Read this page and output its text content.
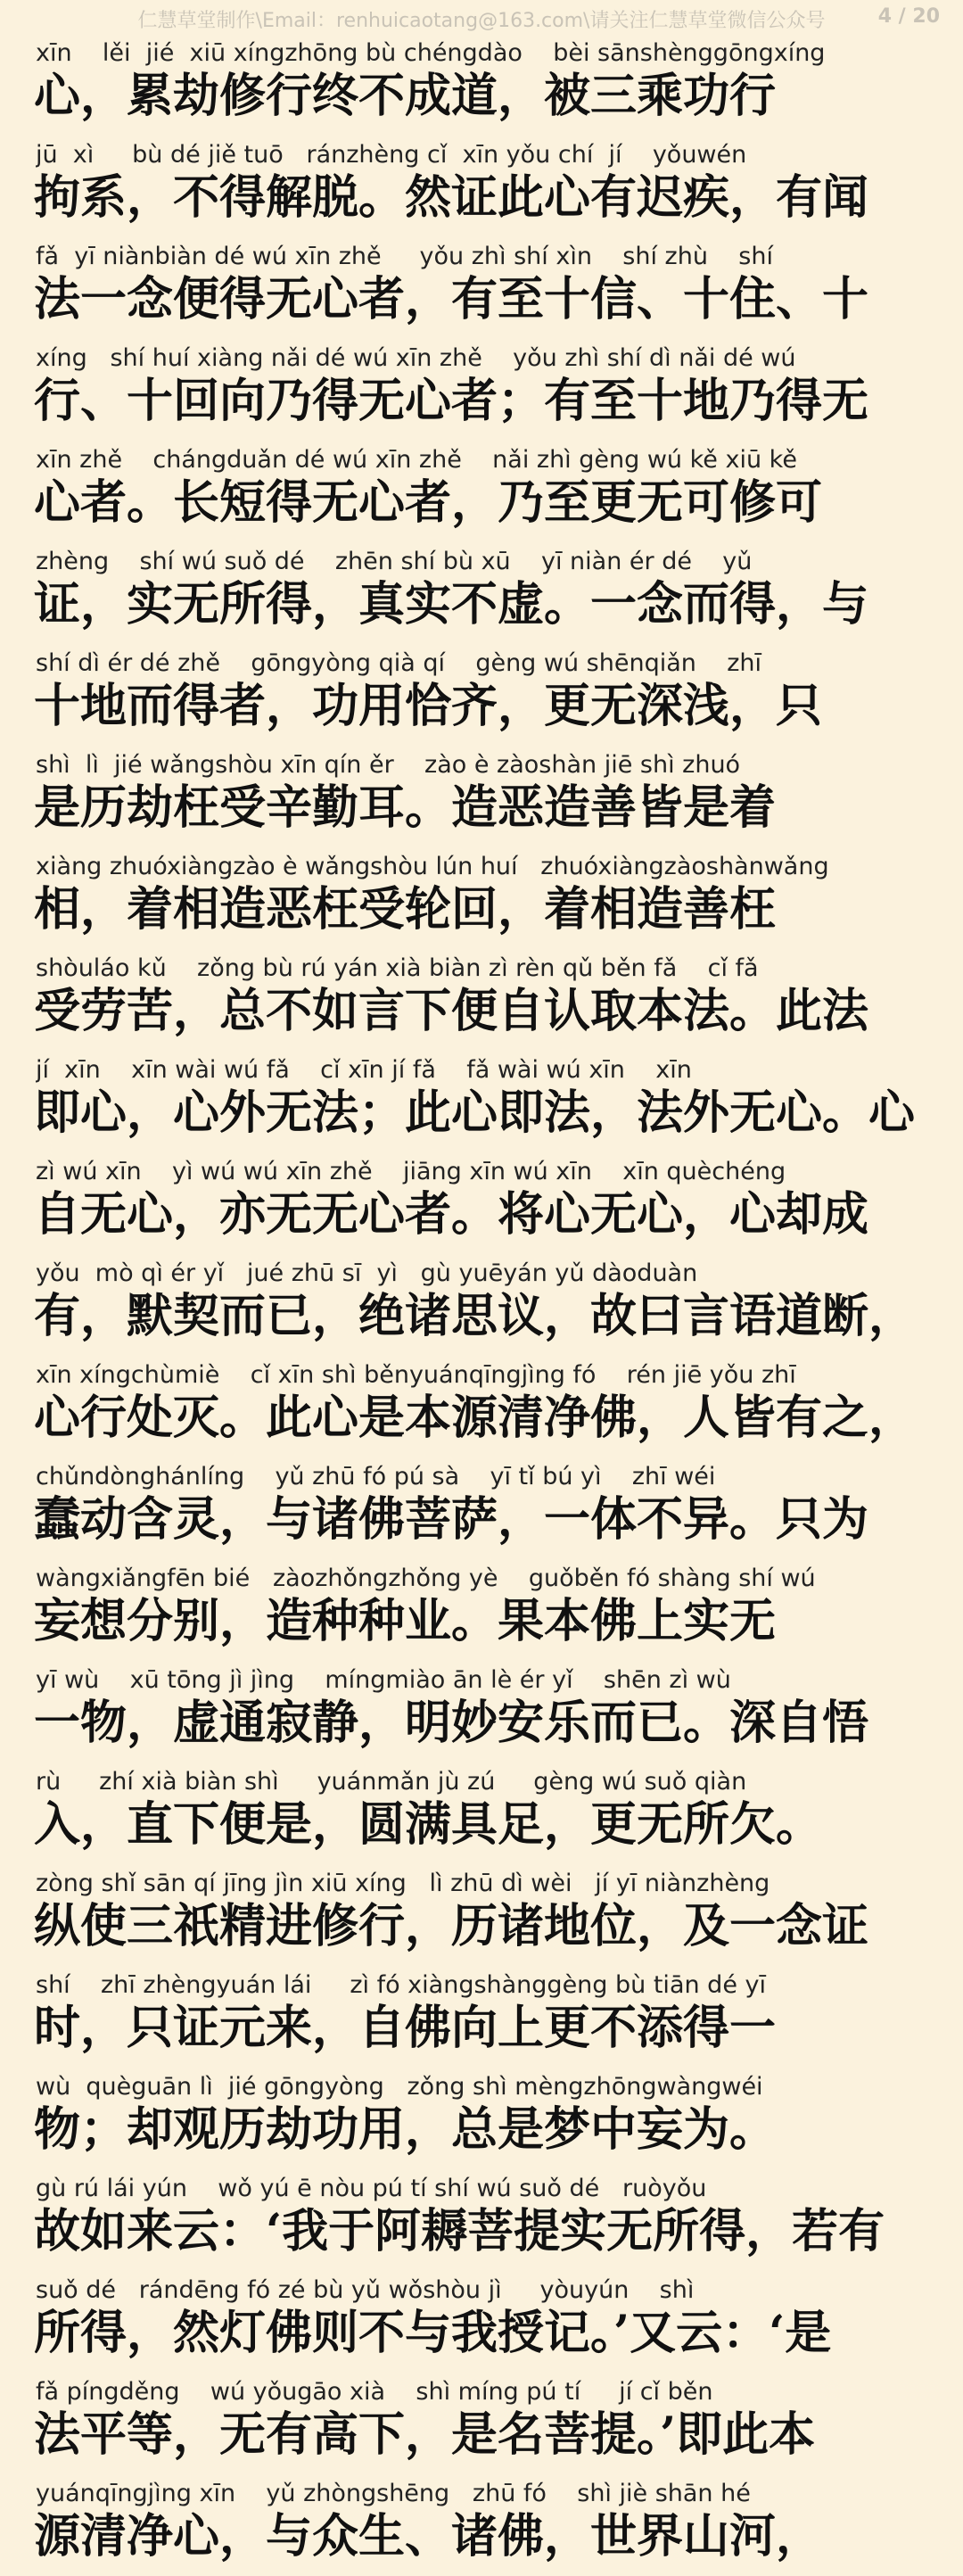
仁慧草堂制作\Email：renhuicaotang@163.com\请关注仁慧草堂微信公众号	4 / 20
xīn    lěi  jié  xiū xíngzhōng bù chéngdào    bèi sānshènggōngxíng
心，累劫修行终不成道，被三乘功行
jū  xì     bù dé jiě tuō   ránzhèng cǐ  xīn yǒu chí  jí    yǒuwén
拘系，不得解脱。然证此心有迟疾，有闻
fǎ  yī niànbiàn dé wú xīn zhě     yǒu zhì shí xìn    shí zhù    shí
法一念便得无心者，有至十信、十住、十
xíng   shí huí xiàng nǎi dé wú xīn zhě    yǒu zhì shí dì nǎi dé wú
行、十回向乃得无心者；有至十地乃得无
xīn zhě    chángduǎn dé wú xīn zhě    nǎi zhì gèng wú kě xiū kě
心者。长短得无心者，乃至更无可修可
zhèng    shí wú suǒ dé    zhēn shí bù xū    yī niàn ér dé    yǔ
证，实无所得，真实不虚。一念而得，与
shí dì ér dé zhě    gōngyòng qià qí    gèng wú shēnqiǎn    zhī
十地而得者，功用恰齐，更无深浅，只
shì  lì  jié wǎngshòu xīn qín ěr    zào è zàoshàn jiē shì zhuó
是历劫枉受辛勤耳。造恶造善皆是着
xiàng zhuóxiàngzào è wǎngshòu lún huí   zhuóxiàngzàoshànwǎng
相，着相造恶枉受轮回，着相造善枉
shòuláo kǔ    zǒng bù rú yán xià biàn zì rèn qǔ běn fǎ    cǐ fǎ
受劳苦，总不如言下便自认取本法。此法
jí  xīn    xīn wài wú fǎ    cǐ xīn jí fǎ    fǎ wài wú xīn    xīn
即心，心外无法；此心即法，法外无心。心
zì wú xīn    yì wú wú xīn zhě    jiāng xīn wú xīn    xīn quèchéng
自无心，亦无无心者。将心无心，心却成
yǒu  mò qì ér yǐ   jué zhū sī  yì   gù yuēyán yǔ dàoduàn
有，默契而已，绝诸思议，故曰言语道断，
xīn xíngchùmiè    cǐ xīn shì běnyuánqīngjìng fó    rén jiē yǒu zhī
心行处灭。此心是本源清净佛，人皆有之，
chǔndònghánlíng    yǔ zhū fó pú sà    yī tǐ bú yì    zhī wéi
蠢动含灵，与诸佛菩萨，一体不异。只为
wàngxiǎngfēn bié   zàozhǒngzhǒng yè    guǒběn fó shàng shí wú
妄想分别，造种种业。果本佛上实无
yī wù    xū tōng jì jìng    míngmiào ān lè ér yǐ    shēn zì wù
一物，虚通寂静，明妙安乐而已。深自悟
rù     zhí xià biàn shì     yuánmǎn jù zú     gèng wú suǒ qiàn
入，直下便是，圆满具足，更无所欠。
zòng shǐ sān qí jīng jìn xiū xíng   lì zhū dì wèi   jí yī niànzhèng
纵使三祇精进修行，历诸地位，及一念证
shí    zhī zhèngyuán lái     zì fó xiàngshànggèng bù tiān dé yī
时，只证元来，自佛向上更不添得一
wù  quèguān lì  jié gōngyòng   zǒng shì mèngzhōngwàngwéi
物；却观历劫功用，总是梦中妄为。
gù rú lái yún    wǒ yú ē nòu pú tí shí wú suǒ dé   ruòyǒu
故如来云：‘我于阿耨菩提实无所得，若有
suǒ dé   rándēng fó zé bù yǔ wǒshòu jì     yòuyún    shì
所得，然灯佛则不与我授记。’又云：‘是
fǎ píngděng    wú yǒugāo xià    shì míng pú tí     jí cǐ běn
法平等，无有高下，是名菩提。’即此本
yuánqīngjìng xīn    yǔ zhòngshēng   zhū fó    shì jiè shān hé
源清净心，与众生、诸佛，世界山河，
